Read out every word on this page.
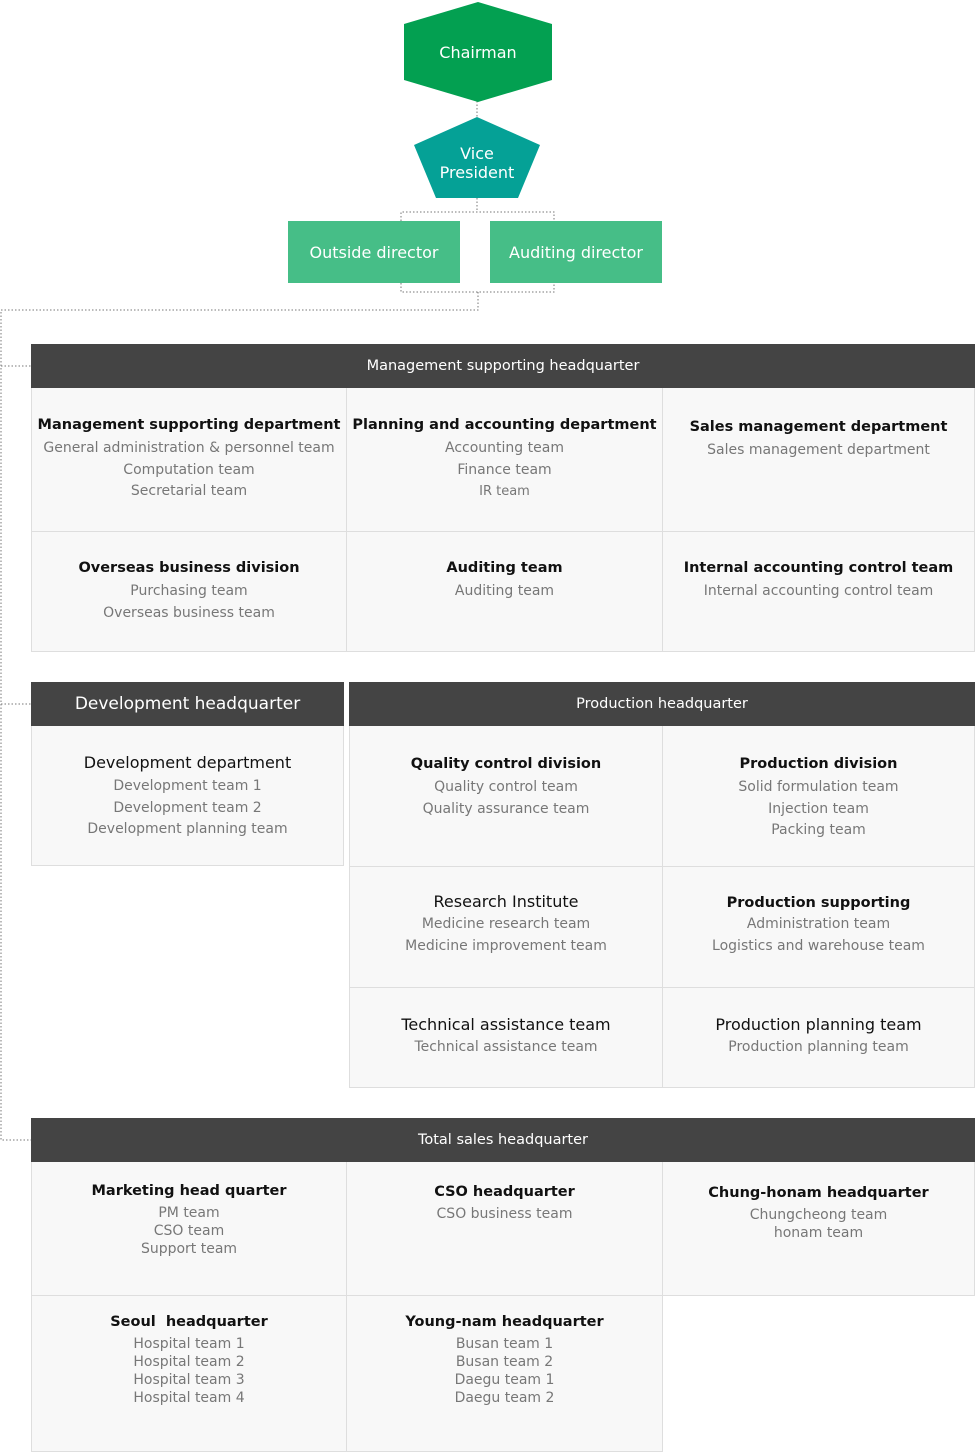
Chairman
Vice
President
Outside director	Auditing director
Management supporting headquarter
Management supporting department
General administration & personnel team
Computation team
Secretarial team
Planning and accounting department
Accounting team
Finance team
IR team
Sales management department
Sales management department
Overseas business division
Purchasing team
Overseas business team
Auditing team
Auditing team
Internal accounting control team
Internal accounting control team
Development headquarter
Development department
Development team 1
Development team 2
Development planning team
Production headquarter
Quality control division
Quality control team
Quality assurance team
Production division
Solid formulation team
Injection team
Packing team
Research Institute
Medicine research team
Medicine improvement team
Production supporting
Administration team
Logistics and warehouse team
Technical assistance team
Technical assistance team
Production planning team
Production planning team
Total sales headquarter
Marketing head quarter
PM team
CSO team
Support team
CSO headquarter
CSO business team
Chung-honam headquarter
Chungcheong team
honam team
Seoul  headquarter
Hospital team 1
Hospital team 2
Hospital team 3
Hospital team 4
Young-nam headquarter
Busan team 1
Busan team 2
Daegu team 1
Daegu team 2
